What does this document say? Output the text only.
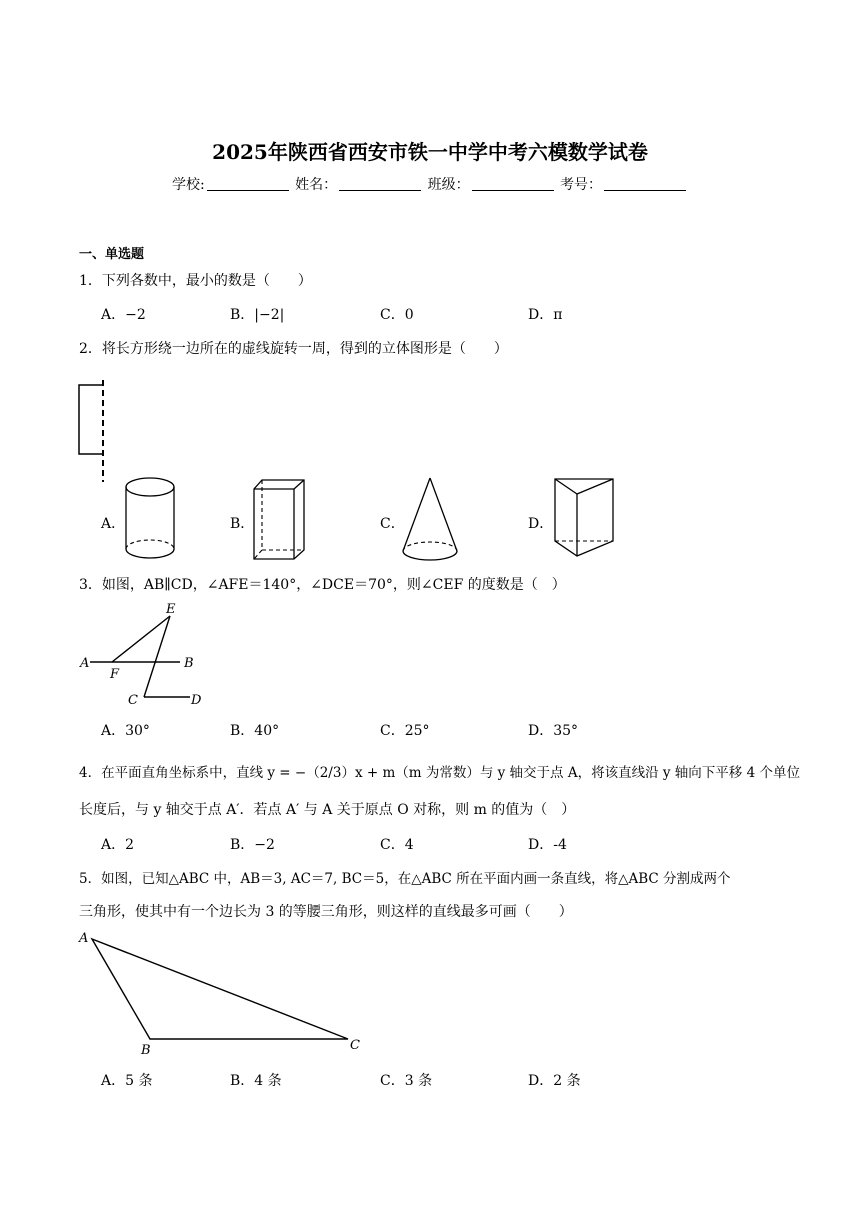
2025年陕西省西安市铁一中学中考六模数学试卷
学校:	姓名：	班级：	考号：
一、单选题
1．下列各数中，最小的数是（　　）
A．−2	B．|−2|	C．0	D．π
2．将长方形绕一边所在的虚线旋转一周，得到的立体图形是（　　）
A．	B．	C．	D．
3．如图，AB∥CD，∠AFE＝140°，∠DCE＝70°，则∠CEF 的度数是（　）
E
A
F
B
C	D
A．30°	B．40°	C．25°	D．35°
4．在平面直角坐标系中，直线 y = −（2/3）x + m（m 为常数）与 y 轴交于点 A，将该直线沿 y 轴向下平移 4 个单位
长度后，与 y 轴交于点 A′．若点 A′ 与 A 关于原点 O 对称，则 m 的值为（　）
A．2	B．−2	C．4	D．-4
5．如图，已知△ABC 中，AB＝3, AC＝7, BC＝5，在△ABC 所在平面内画一条直线，将△ABC 分割成两个
三角形，使其中有一个边长为 3 的等腰三角形，则这样的直线最多可画（　　）
A
B	C
A．5 条	B．4 条	C．3 条	D．2 条
